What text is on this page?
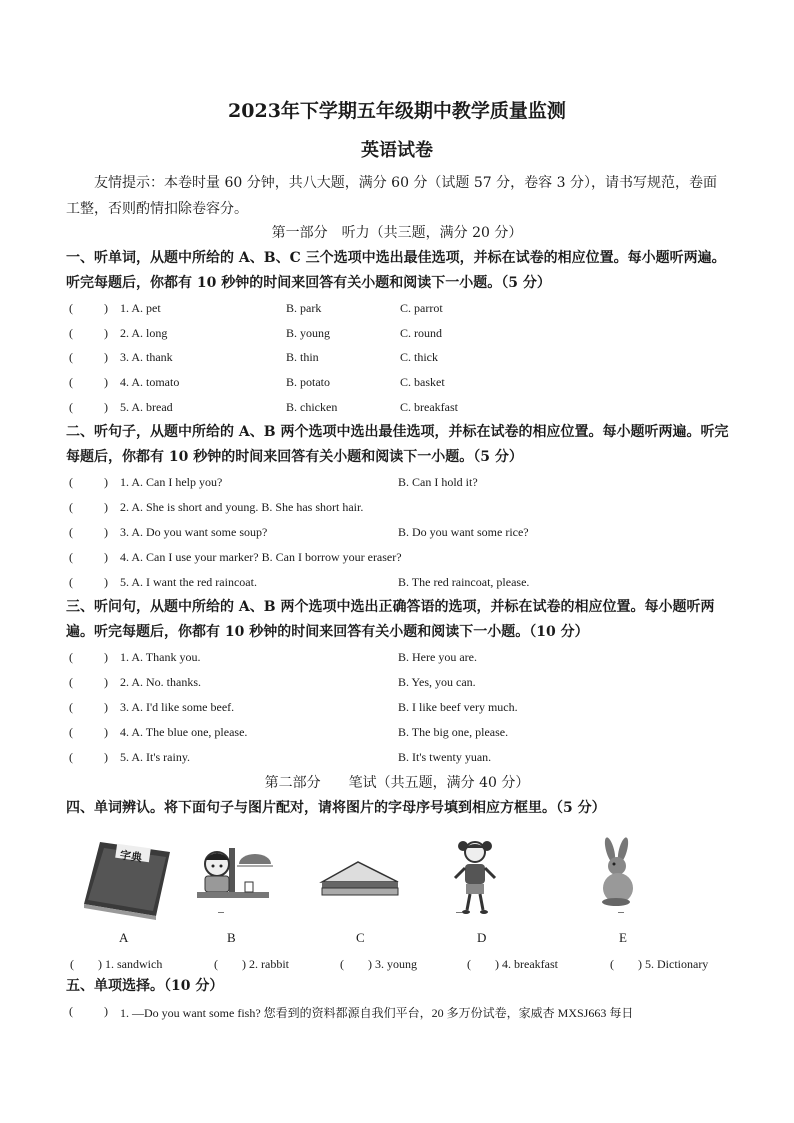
2023年下学期五年级期中教学质量监测
英语试卷
友情提示：本卷时量 60 分钟，共八大题，满分 60 分（试题 57 分，卷容 3 分），请书写规范，卷面工整，否则酌情扣除卷容分。
第一部分　听力（共三题，满分 20 分）
一、听单词，从题中所给的 A、B、C 三个选项中选出最佳选项，并标在试卷的相应位置。每小题听两遍。听完每题后，你都有 10 秒钟的时间来回答有关小题和阅读下一小题。（5 分）
(	) 1. A. pet	B. park	C. parrot
(	) 2. A. long	B. young	C. round
(	) 3. A. thank	B. thin	C. thick
(	) 4. A. tomato	B. potato	C. basket
(	) 5. A. bread	B. chicken	C. breakfast
二、听句子，从题中所给的 A、B 两个选项中选出最佳选项，并标在试卷的相应位置。每小题听两遍。听完每题后，你都有 10 秒钟的时间来回答有关小题和阅读下一小题。（5 分）
(	) 1. A. Can I help you?	B. Can I hold it?
(	) 2. A. She is short and young. B. She has short hair.
(	) 3. A. Do you want some soup?	B. Do you want some rice?
(	) 4. A. Can I use your marker? B. Can I borrow your eraser?
(	) 5. A. I want the red raincoat.	B. The red raincoat, please.
三、听问句，从题中所给的 A、B 两个选项中选出正确答语的选项，并标在试卷的相应位置。每小题听两遍。听完每题后，你都有 10 秒钟的时间来回答有关小题和阅读下一小题。（10 分）
(	) 1. A. Thank you.	B. Here you are.
(	) 2. A. No. thanks.	B. Yes, you can.
(	) 3. A. I'd like some beef.	B. I like beef very much.
(	) 4. A. The blue one, please.	B. The big one, please.
(	) 5. A. It's rainy.	B. It's twenty yuan.
第二部分　　笔试（共五题，满分 40 分）
四、单词辨认。将下面句子与图片配对，请将图片的字母序号填到相应方框里。（5 分）
字典
A	B	C	D	E
(　　) 1. sandwich	(　　) 2. rabbit	(　　) 3. young	(　　) 4. breakfast	(　　) 5. Dictionary
五、单项选择。（10 分）
(	) 1. —Do you want some fish? 您看到的资料都源自我们平台，20 多万份试卷，家威杏 MXSJ663 每日
